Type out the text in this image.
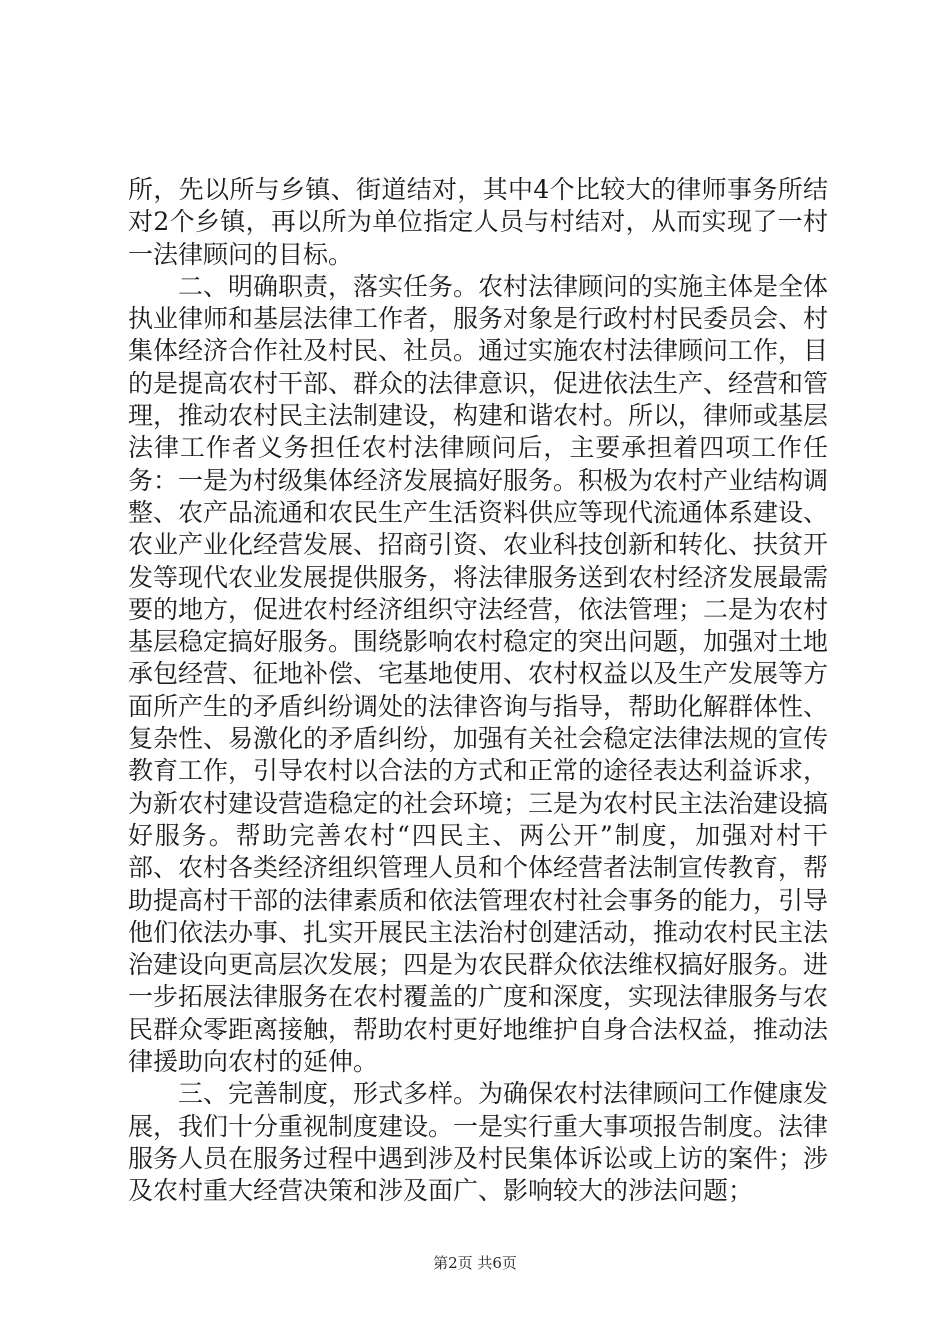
所，先以所与乡镇、街道结对，其中4个比较大的律师事务所结对2个乡镇，再以所为单位指定人员与村结对，从而实现了一村一法律顾问的目标。

二、明确职责，落实任务。农村法律顾问的实施主体是全体执业律师和基层法律工作者，服务对象是行政村村民委员会、村集体经济合作社及村民、社员。通过实施农村法律顾问工作，目的是提高农村干部、群众的法律意识，促进依法生产、经营和管理，推动农村民主法制建设，构建和谐农村。所以，律师或基层法律工作者义务担任农村法律顾问后，主要承担着四项工作任务：一是为村级集体经济发展搞好服务。积极为农村产业结构调整、农产品流通和农民生产生活资料供应等现代流通体系建设、农业产业化经营发展、招商引资、农业科技创新和转化、扶贫开发等现代农业发展提供服务，将法律服务送到农村经济发展最需要的地方，促进农村经济组织守法经营，依法管理；二是为农村基层稳定搞好服务。围绕影响农村稳定的突出问题，加强对土地承包经营、征地补偿、宅基地使用、农村权益以及生产发展等方面所产生的矛盾纠纷调处的法律咨询与指导，帮助化解群体性、复杂性、易激化的矛盾纠纷，加强有关社会稳定法律法规的宣传教育工作，引导农村以合法的方式和正常的途径表达利益诉求，为新农村建设营造稳定的社会环境；三是为农村民主法治建设搞好服务。帮助完善农村“四民主、两公开”制度，加强对村干部、农村各类经济组织管理人员和个体经营者法制宣传教育，帮助提高村干部的法律素质和依法管理农村社会事务的能力，引导他们依法办事、扎实开展民主法治村创建活动，推动农村民主法治建设向更高层次发展；四是为农民群众依法维权搞好服务。进一步拓展法律服务在农村覆盖的广度和深度，实现法律服务与农民群众零距离接触，帮助农村更好地维护自身合法权益，推动法律援助向农村的延伸。

三、完善制度，形式多样。为确保农村法律顾问工作健康发展，我们十分重视制度建设。一是实行重大事项报告制度。法律服务人员在服务过程中遇到涉及村民集体诉讼或上访的案件；涉及农村重大经营决策和涉及面广、影响较大的涉法问题；

第2页 共6页
